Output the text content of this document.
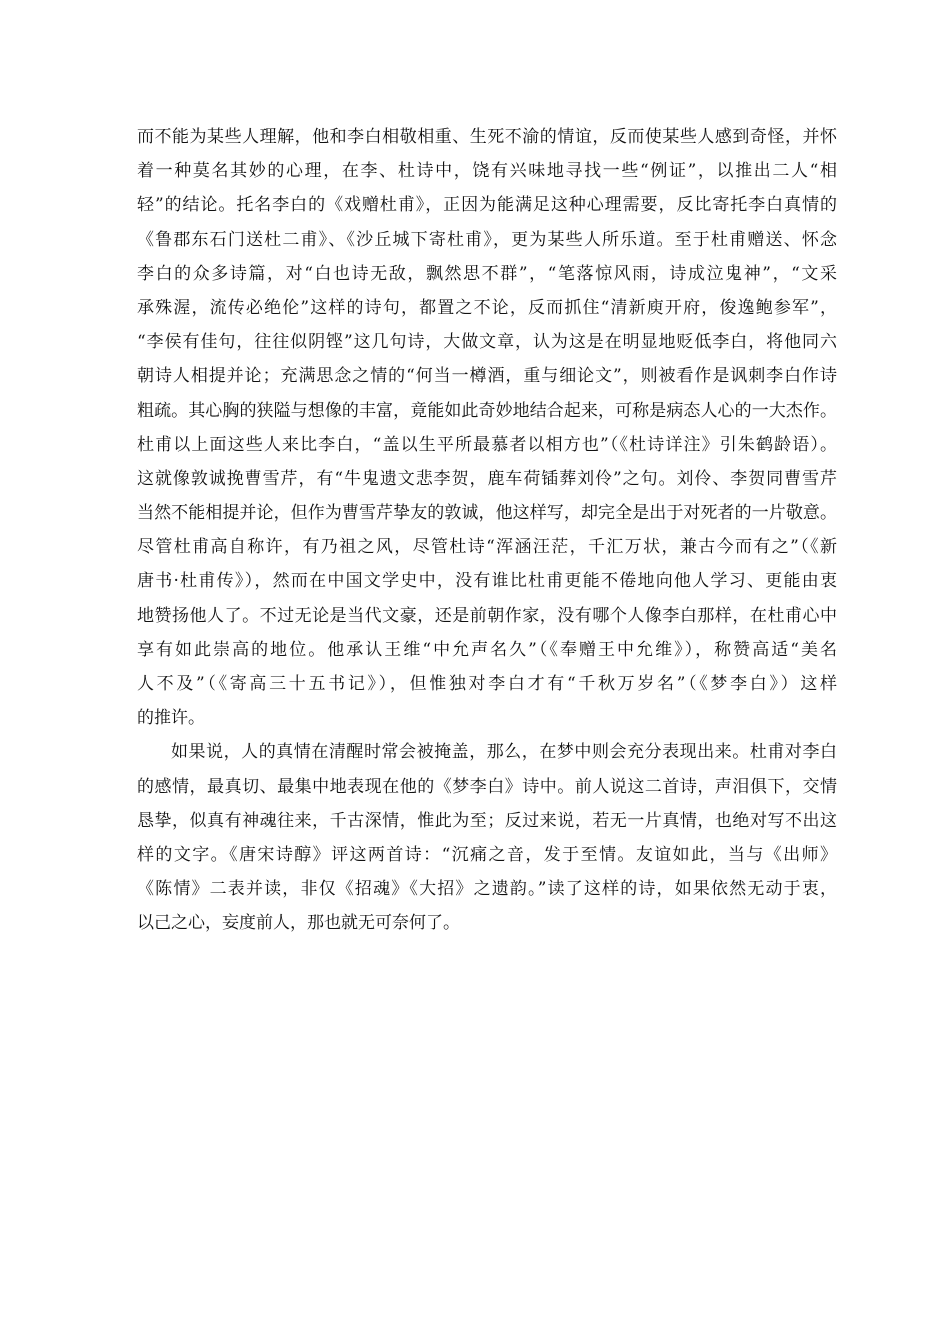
而不能为某些人理解，他和李白相敬相重、生死不渝的情谊，反而使某些人感到奇怪，并怀
着一种莫名其妙的心理，在李、杜诗中，饶有兴味地寻找一些“例证”，以推出二人“相
轻”的结论。托名李白的《戏赠杜甫》，正因为能满足这种心理需要，反比寄托李白真情的
《鲁郡东石门送杜二甫》、《沙丘城下寄杜甫》，更为某些人所乐道。至于杜甫赠送、怀念
李白的众多诗篇，对“白也诗无敌，飘然思不群”，“笔落惊风雨，诗成泣鬼神”，“文采
承殊渥，流传必绝伦”这样的诗句，都置之不论，反而抓住“清新庾开府，俊逸鲍参军”，
“李侯有佳句，往往似阴铿”这几句诗，大做文章，认为这是在明显地贬低李白，将他同六
朝诗人相提并论；充满思念之情的“何当一樽酒，重与细论文”，则被看作是讽刺李白作诗
粗疏。其心胸的狭隘与想像的丰富，竟能如此奇妙地结合起来，可称是病态人心的一大杰作。
杜甫以上面这些人来比李白，“盖以生平所最慕者以相方也”（《杜诗详注》引朱鹤龄语）。
这就像敦诚挽曹雪芹，有“牛鬼遗文悲李贺，鹿车荷锸葬刘伶”之句。刘伶、李贺同曹雪芹
当然不能相提并论，但作为曹雪芹挚友的敦诚，他这样写，却完全是出于对死者的一片敬意。
尽管杜甫高自称许，有乃祖之风，尽管杜诗“浑涵汪茫，千汇万状，兼古今而有之”（《新
唐书·杜甫传》），然而在中国文学史中，没有谁比杜甫更能不倦地向他人学习、更能由衷
地赞扬他人了。不过无论是当代文豪，还是前朝作家，没有哪个人像李白那样，在杜甫心中
享有如此崇高的地位。他承认王维“中允声名久”（《奉赠王中允维》），称赞高适“美名
人不及”（《寄高三十五书记》），但惟独对李白才有“千秋万岁名”（《梦李白》）这样
的推许。
如果说，人的真情在清醒时常会被掩盖，那么，在梦中则会充分表现出来。杜甫对李白
的感情，最真切、最集中地表现在他的《梦李白》诗中。前人说这二首诗，声泪俱下，交情
恳挚，似真有神魂往来，千古深情，惟此为至；反过来说，若无一片真情，也绝对写不出这
样的文字。《唐宋诗醇》评这两首诗：“沉痛之音，发于至情。友谊如此，当与《出师》
《陈情》二表并读，非仅《招魂》《大招》之遗韵。”读了这样的诗，如果依然无动于衷，
以己之心，妄度前人，那也就无可奈何了。
